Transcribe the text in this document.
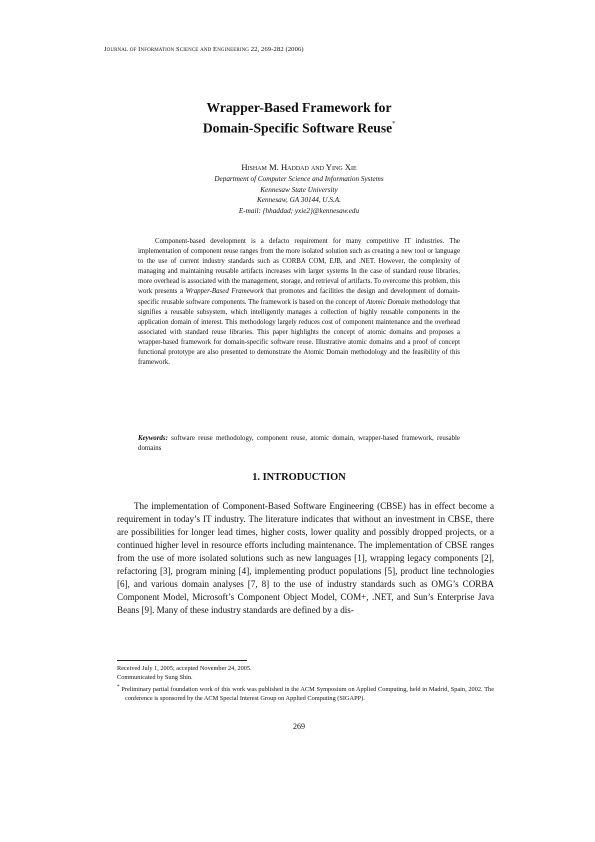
Journal of Information Science and Engineering 22, 269-282 (2006)
Wrapper-Based Framework for
Domain-Specific Software Reuse*
Hisham M. Haddad and Ying Xie
Department of Computer Science and Information Systems
Kennesaw State University
Kennesaw, GA 30144, U.S.A.
E-mail: {hhaddad; yxie2}@kennesaw.edu

Component-based development is a defacto requirement for many competitive IT industries. The implementation of component reuse ranges from the more isolated solution such as creating a new tool or language to the use of current industry standards such as CORBA COM, EJB, and .NET. However, the complexity of managing and maintaining reusable artifacts increases with larger systems In the case of standard reuse libraries, more overhead is associated with the management, storage, and retrieval of artifacts. To overcome this problem, this work presents a Wrapper-Based Framework that promotes and facilities the design and development of domain-specific reusable software components. The framework is based on the concept of Atomic Domain methodology that signifies a reusable subsystem, which intelligently manages a collection of highly reusable components in the application domain of interest. This methodology largely reduces cost of component maintenance and the overhead associated with standard reuse libraries. This paper highlights the concept of atomic domains and proposes a wrapper-based framework for domain-specific software reuse. Illustrative atomic domains and a proof of concept functional prototype are also presented to demonstrate the Atomic Domain methodology and the feasibility of this framework.

Keywords: software reuse methodology, component reuse, atomic domain, wrapper-based framework, reusable domains

1. INTRODUCTION

The implementation of Component-Based Software Engineering (CBSE) has in effect become a requirement in today’s IT industry. The literature indicates that without an investment in CBSE, there are possibilities for longer lead times, higher costs, lower quality and possibly dropped projects, or a continued higher level in resource efforts including maintenance. The implementation of CBSE ranges from the use of more isolated solutions such as new languages [1], wrapping legacy components [2], refactoring [3], program mining [4], implementing product populations [5], product line technologies [6], and various domain analyses [7, 8] to the use of industry standards such as OMG’s CORBA Component Model, Microsoft’s Component Object Model, COM+, .NET, and Sun’s Enterprise Java Beans [9]. Many of these industry standards are defined by a dis-

Received July 1, 2005; accepted November 24, 2005.

Communicated by Sung Shin.

* Preliminary partial foundation work of this work was published in the ACM Symposium on Applied Computing, held in Madrid, Spain, 2002. The conference is sponsored by the ACM Special Interest Group on Applied Computing (SIGAPP).

269
